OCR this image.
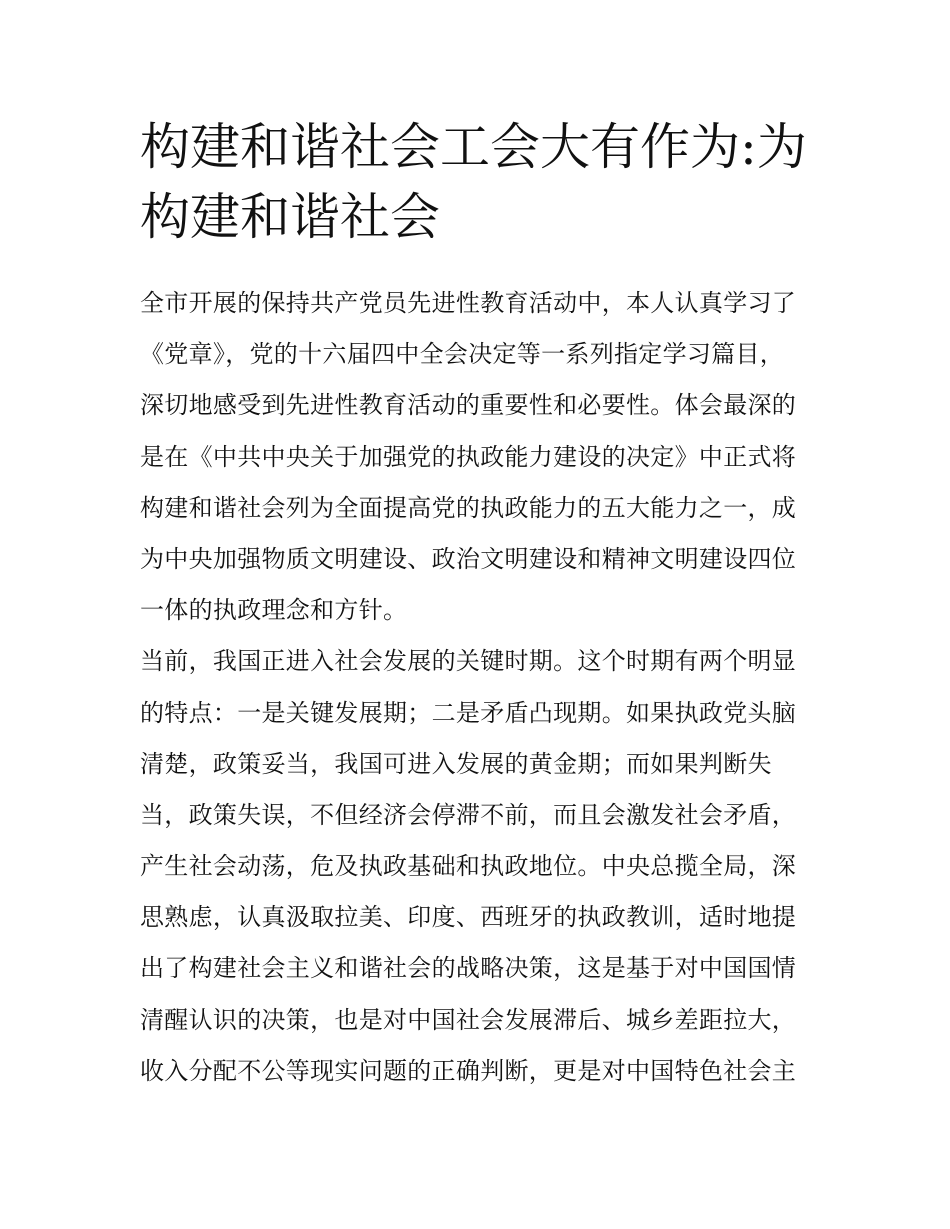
构建和谐社会工会大有作为:为
构建和谐社会
全市开展的保持共产党员先进性教育活动中，本人认真学习了
《党章》，党的十六届四中全会决定等一系列指定学习篇目，
深切地感受到先进性教育活动的重要性和必要性。体会最深的
是在《中共中央关于加强党的执政能力建设的决定》中正式将
构建和谐社会列为全面提高党的执政能力的五大能力之一，成
为中央加强物质文明建设、政治文明建设和精神文明建设四位
一体的执政理念和方针。
当前，我国正进入社会发展的关键时期。这个时期有两个明显
的特点：一是关键发展期；二是矛盾凸现期。如果执政党头脑
清楚，政策妥当，我国可进入发展的黄金期；而如果判断失
当，政策失误，不但经济会停滞不前，而且会激发社会矛盾，
产生社会动荡，危及执政基础和执政地位。中央总揽全局，深
思熟虑，认真汲取拉美、印度、西班牙的执政教训，适时地提
出了构建社会主义和谐社会的战略决策，这是基于对中国国情
清醒认识的决策，也是对中国社会发展滞后、城乡差距拉大，
收入分配不公等现实问题的正确判断，更是对中国特色社会主
